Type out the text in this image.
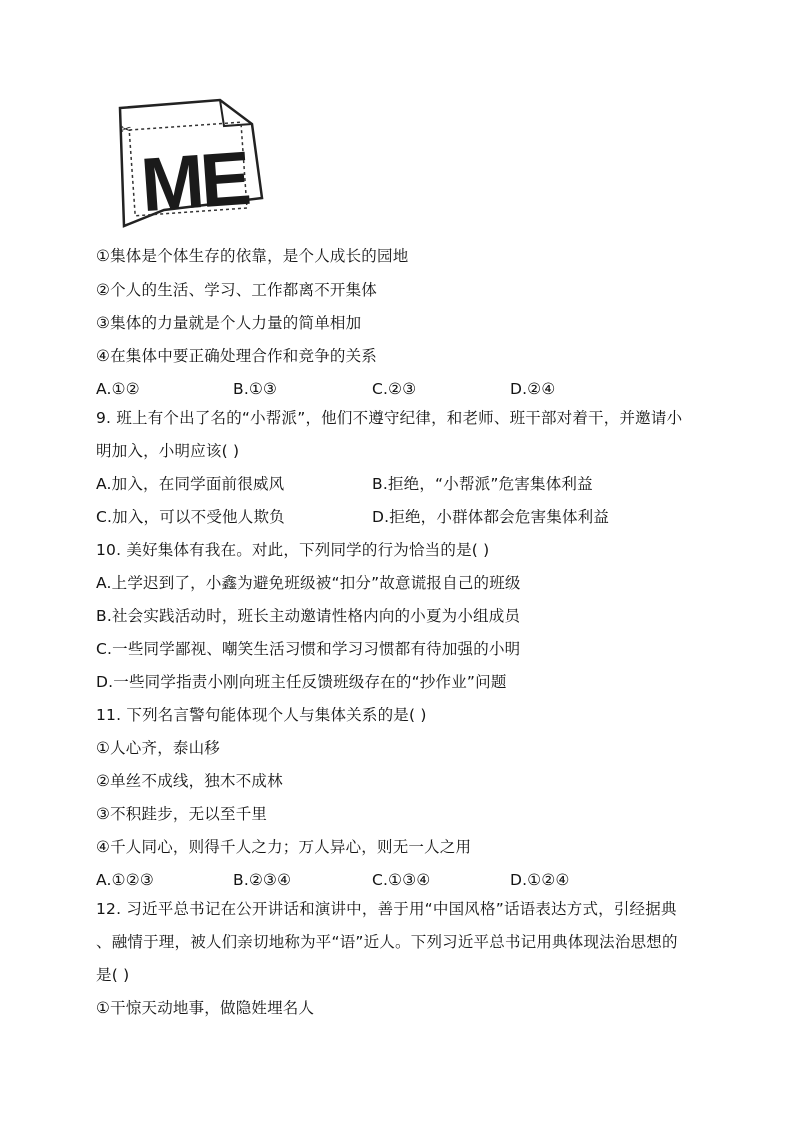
✂
ME
①集体是个体生存的依靠，是个人成长的园地
②个人的生活、学习、工作都离不开集体
③集体的力量就是个人力量的简单相加
④在集体中要正确处理合作和竞争的关系
A.①②	B.①③	C.②③	D.②④
9. 班上有个出了名的“小帮派”，他们不遵守纪律，和老师、班干部对着干，并邀请小
明加入，小明应该( )
A.加入，在同学面前很威风	B.拒绝，“小帮派”危害集体利益
C.加入，可以不受他人欺负	D.拒绝，小群体都会危害集体利益
10. 美好集体有我在。对此，下列同学的行为恰当的是( )
A.上学迟到了，小鑫为避免班级被“扣分”故意谎报自己的班级
B.社会实践活动时，班长主动邀请性格内向的小夏为小组成员
C.一些同学鄙视、嘲笑生活习惯和学习习惯都有待加强的小明
D.一些同学指责小刚向班主任反馈班级存在的“抄作业”问题
11. 下列名言警句能体现个人与集体关系的是( )
①人心齐，泰山移
②单丝不成线，独木不成林
③不积跬步，无以至千里
④千人同心，则得千人之力；万人异心，则无一人之用
A.①②③	B.②③④	C.①③④	D.①②④
12. 习近平总书记在公开讲话和演讲中，善于用“中国风格”话语表达方式，引经据典
、融情于理，被人们亲切地称为平“语”近人。下列习近平总书记用典体现法治思想的
是( )
①干惊天动地事，做隐姓埋名人
